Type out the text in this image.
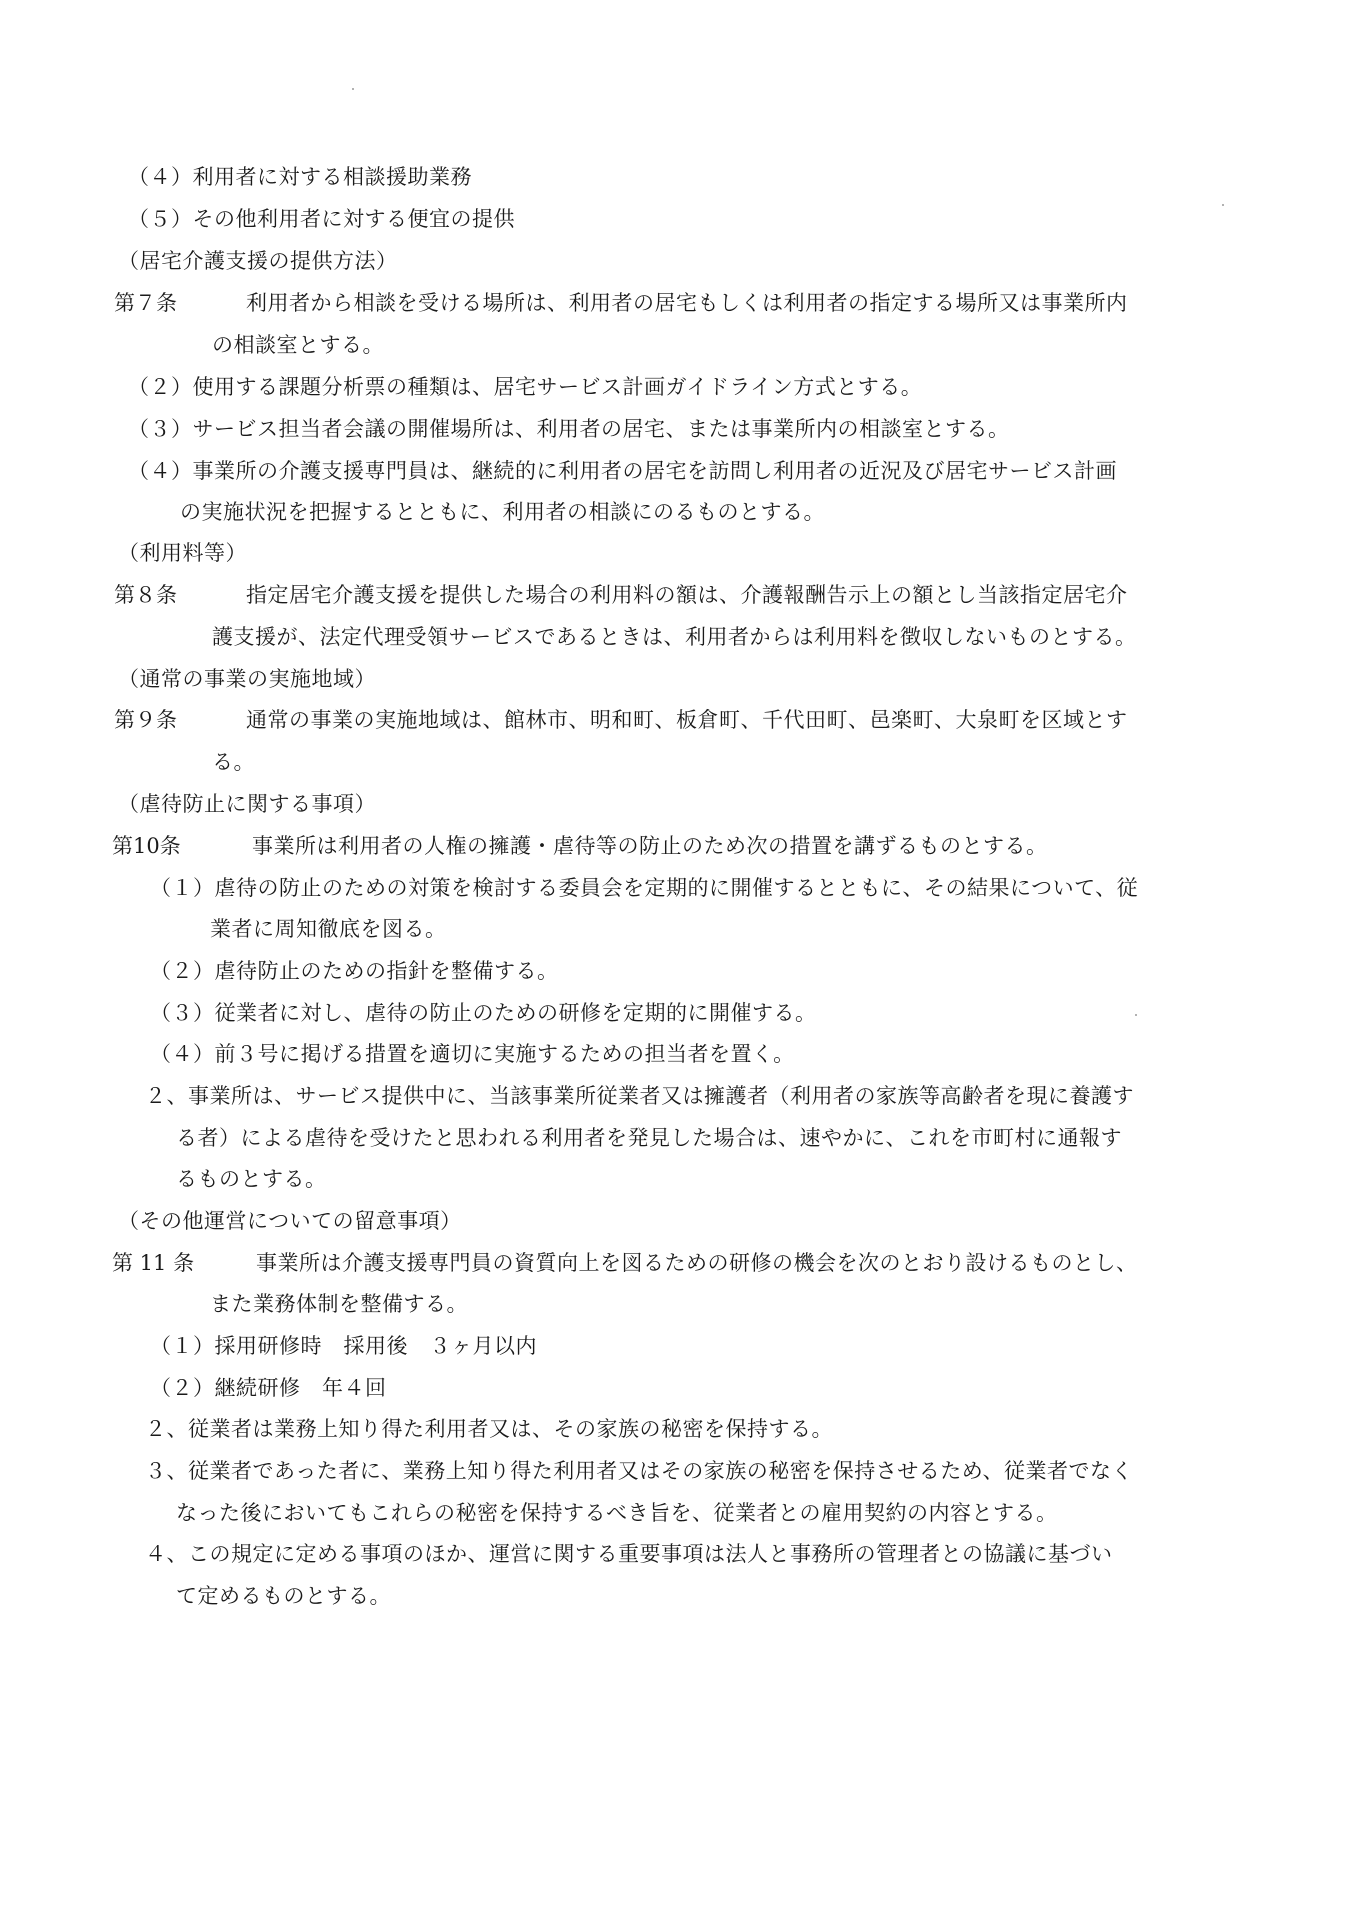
（４）利用者に対する相談援助業務
（５）その他利用者に対する便宜の提供
（居宅介護支援の提供方法）
第７条	利用者から相談を受ける場所は、利用者の居宅もしくは利用者の指定する場所又は事業所内
の相談室とする。
（２）使用する課題分析票の種類は、居宅サービス計画ガイドライン方式とする。
（３）サービス担当者会議の開催場所は、利用者の居宅、または事業所内の相談室とする。
（４）事業所の介護支援専門員は、継続的に利用者の居宅を訪問し利用者の近況及び居宅サービス計画
の実施状況を把握するとともに、利用者の相談にのるものとする。
（利用料等）
第８条	指定居宅介護支援を提供した場合の利用料の額は、介護報酬告示上の額とし当該指定居宅介
護支援が、法定代理受領サービスであるときは、利用者からは利用料を徴収しないものとする。
（通常の事業の実施地域）
第９条	通常の事業の実施地域は、館林市、明和町、板倉町、千代田町、邑楽町、大泉町を区域とす
る。
（虐待防止に関する事項）
第10条	事業所は利用者の人権の擁護・虐待等の防止のため次の措置を講ずるものとする。
（１）虐待の防止のための対策を検討する委員会を定期的に開催するとともに、その結果について、従
業者に周知徹底を図る。
（２）虐待防止のための指針を整備する。
（３）従業者に対し、虐待の防止のための研修を定期的に開催する。
（４）前３号に掲げる措置を適切に実施するための担当者を置く。
２、事業所は、サービス提供中に、当該事業所従業者又は擁護者（利用者の家族等高齢者を現に養護す
る者）による虐待を受けたと思われる利用者を発見した場合は、速やかに、これを市町村に通報す
るものとする。
（その他運営についての留意事項）
第 11 条	事業所は介護支援専門員の資質向上を図るための研修の機会を次のとおり設けるものとし、
また業務体制を整備する。
（１）採用研修時　採用後　３ヶ月以内
（２）継続研修　年４回
２、従業者は業務上知り得た利用者又は、その家族の秘密を保持する。
３、従業者であった者に、業務上知り得た利用者又はその家族の秘密を保持させるため、従業者でなく
なった後においてもこれらの秘密を保持するべき旨を、従業者との雇用契約の内容とする。
４、この規定に定める事項のほか、運営に関する重要事項は法人と事務所の管理者との協議に基づい
て定めるものとする。
